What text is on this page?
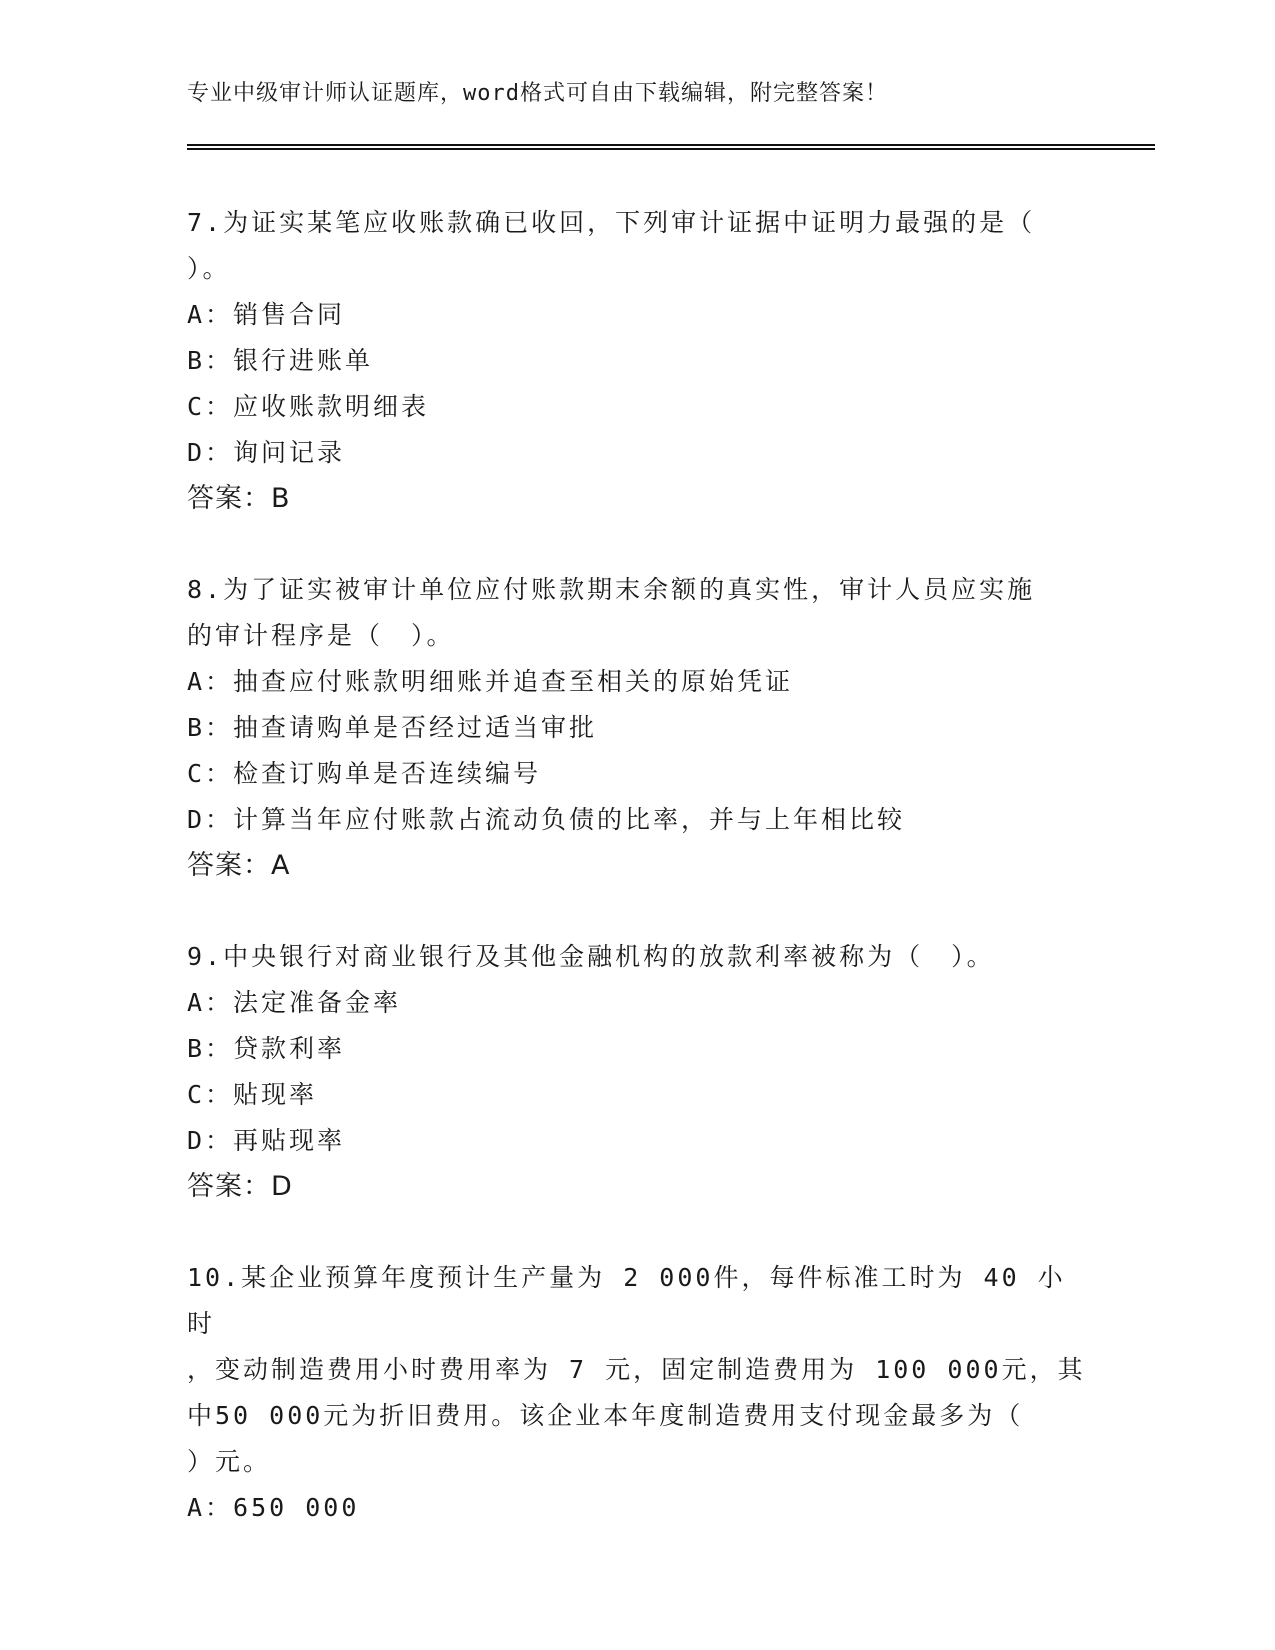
专业中级审计师认证题库，word格式可自由下载编辑，附完整答案！

7.为证实某笔应收账款确已收回，下列审计证据中证明力最强的是（

）。

A：销售合同

B：银行进账单

C：应收账款明细表

D：询问记录

答案：B

8.为了证实被审计单位应付账款期末余额的真实性，审计人员应实施

的审计程序是（　）。

A：抽查应付账款明细账并追查至相关的原始凭证

B：抽查请购单是否经过适当审批

C：检查订购单是否连续编号

D：计算当年应付账款占流动负债的比率，并与上年相比较

答案：A

9.中央银行对商业银行及其他金融机构的放款利率被称为（　）。

A：法定准备金率

B：贷款利率

C：贴现率

D：再贴现率

答案：D

10.某企业预算年度预计生产量为 2 000件，每件标准工时为 40 小时

，变动制造费用小时费用率为 7 元，固定制造费用为 100 000元，其

中50 000元为折旧费用。该企业本年度制造费用支付现金最多为（

）元。

A：650 000
